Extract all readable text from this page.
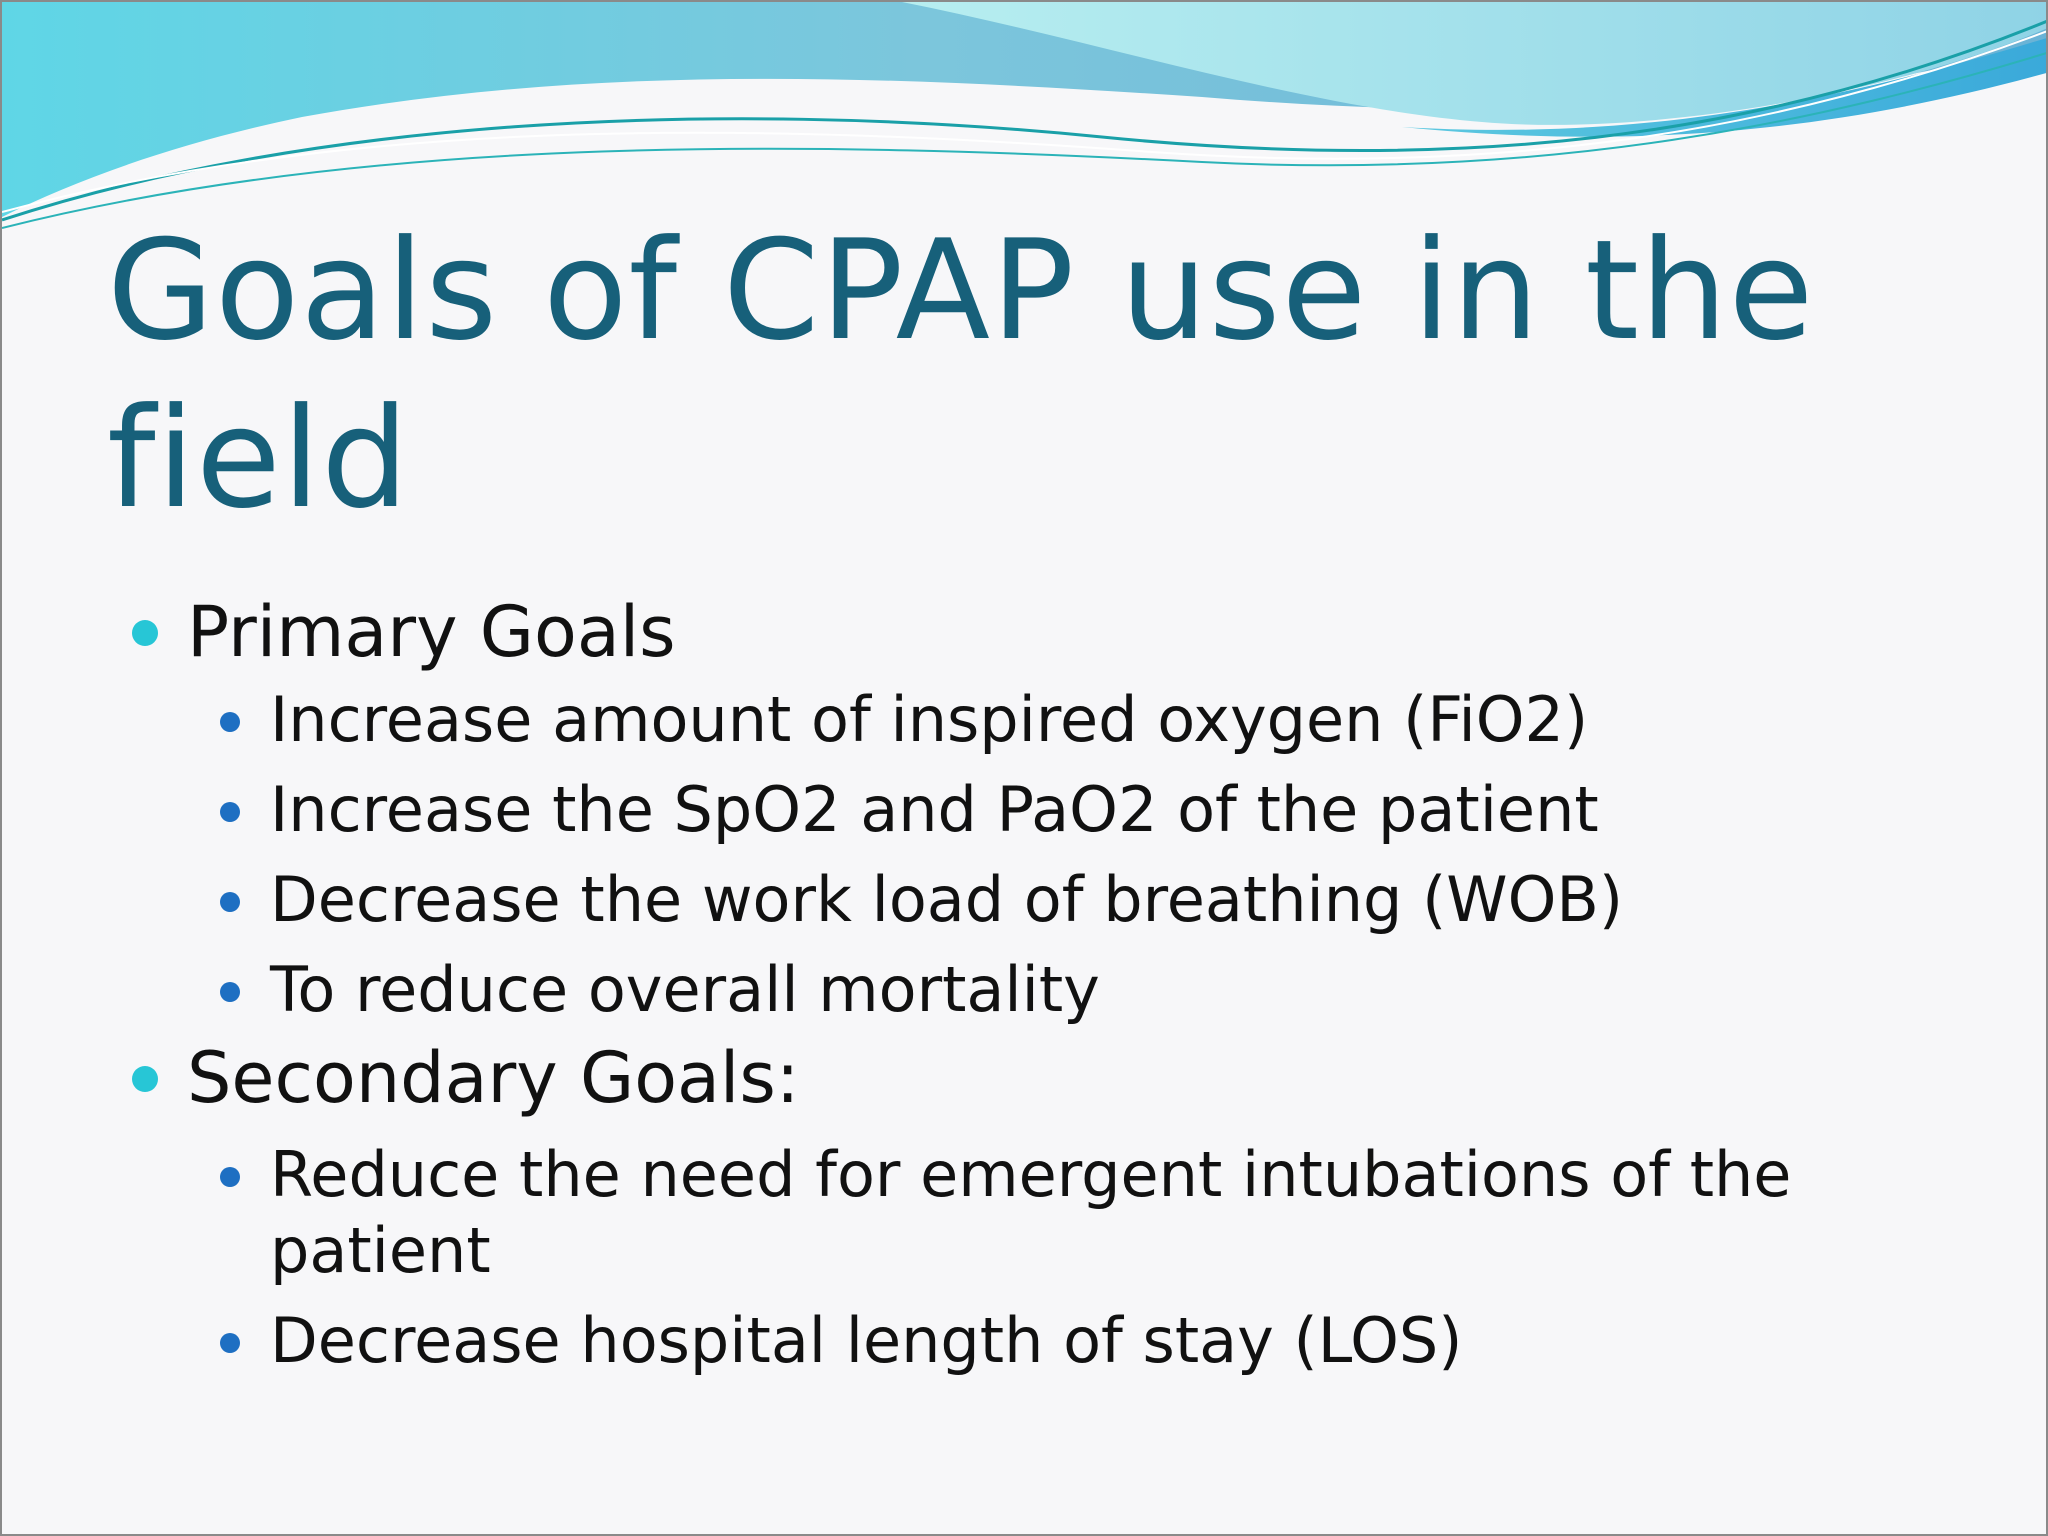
Goals of CPAP use in the field
Primary Goals
Increase amount of inspired oxygen (FiO2)
Increase the SpO2 and PaO2 of the patient
Decrease the work load of breathing (WOB)
To reduce overall mortality
Secondary Goals:
Reduce the need for emergent intubations of the patient
Decrease hospital length of stay (LOS)
